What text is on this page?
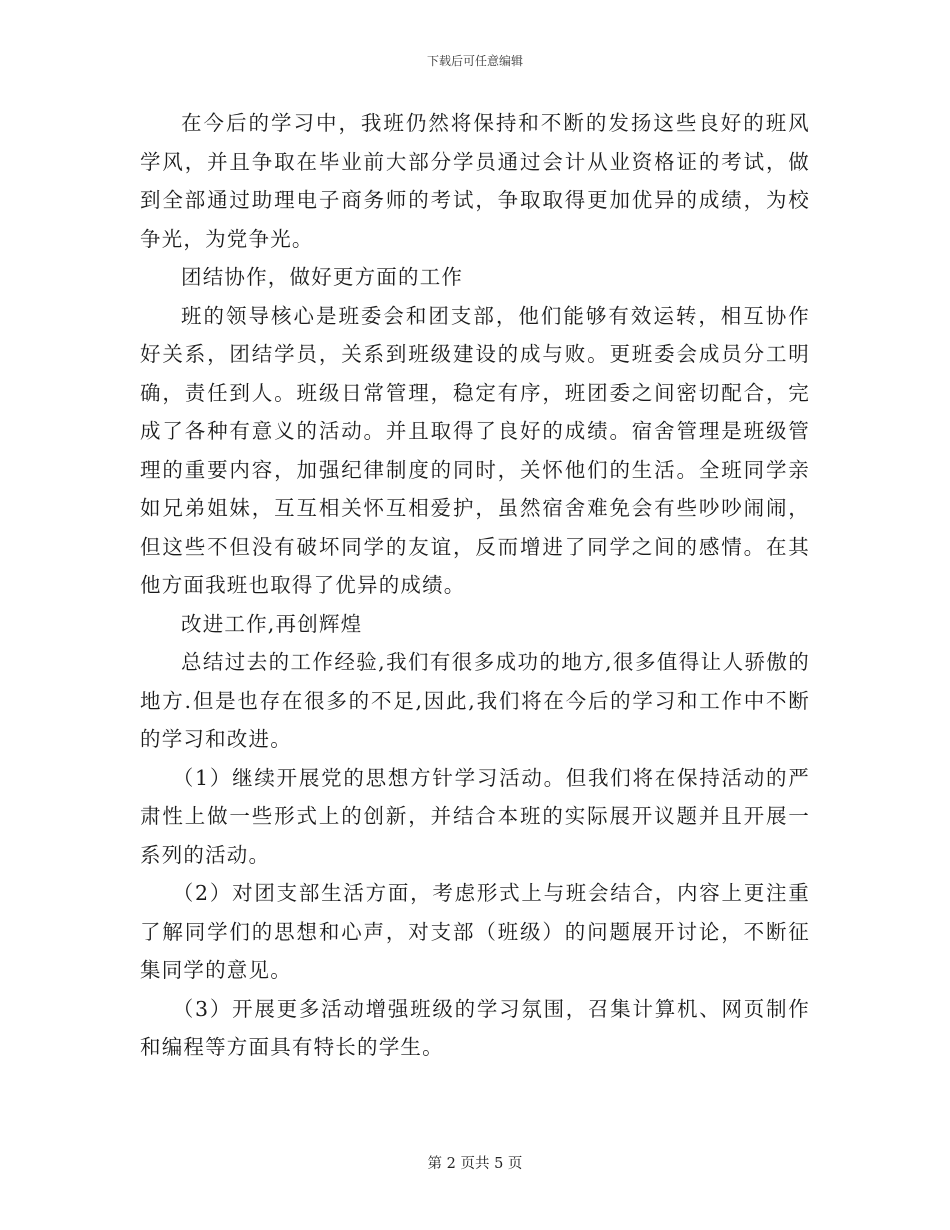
下载后可任意编辑

在今后的学习中，我班仍然将保持和不断的发扬这些良好的班风学风，并且争取在毕业前大部分学员通过会计从业资格证的考试，做到全部通过助理电子商务师的考试，争取取得更加优异的成绩，为校争光，为党争光。

团结协作，做好更方面的工作

班的领导核心是班委会和团支部，他们能够有效运转，相互协作好关系，团结学员，关系到班级建设的成与败。更班委会成员分工明确，责任到人。班级日常管理，稳定有序，班团委之间密切配合，完成了各种有意义的活动。并且取得了良好的成绩。宿舍管理是班级管理的重要内容，加强纪律制度的同时，关怀他们的生活。全班同学亲如兄弟姐妹，互互相关怀互相爱护，虽然宿舍难免会有些吵吵闹闹，但这些不但没有破坏同学的友谊，反而增进了同学之间的感情。在其他方面我班也取得了优异的成绩。

改进工作,再创辉煌

总结过去的工作经验,我们有很多成功的地方,很多值得让人骄傲的地方.但是也存在很多的不足,因此,我们将在今后的学习和工作中不断的学习和改进。

（1）继续开展党的思想方针学习活动。但我们将在保持活动的严肃性上做一些形式上的创新，并结合本班的实际展开议题并且开展一系列的活动。

（2）对团支部生活方面，考虑形式上与班会结合，内容上更注重了解同学们的思想和心声，对支部（班级）的问题展开讨论，不断征集同学的意见。

（3）开展更多活动增强班级的学习氛围，召集计算机、网页制作和编程等方面具有特长的学生。

第 2 页共 5 页
